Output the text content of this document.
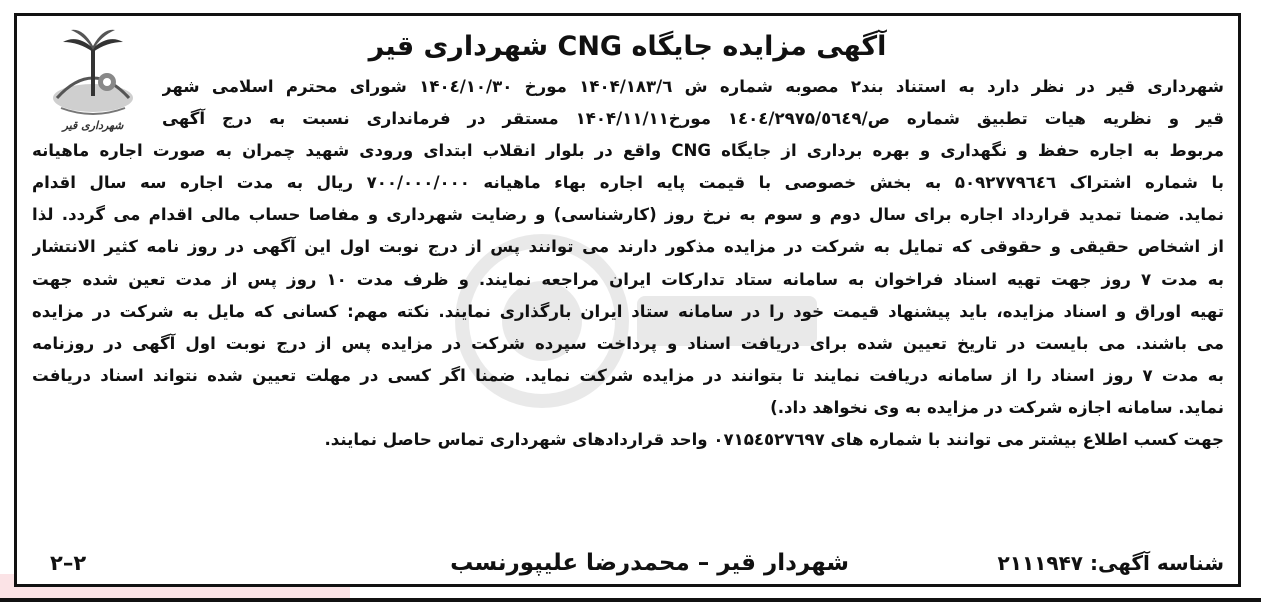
آگهی مزایده جایگاه CNG شهرداری قیر
شهرداری قیر
شهرداری قیر در نظر دارد به استناد بند۲ مصوبه شماره ش ۱۴۰۴/۱۸۳/٦ مورخ ۱۴۰٤/۱۰/۳۰ شورای محترم اسلامی شهر
قیر و نظریه هیات تطبیق شماره ص/۱٤۰٤/۲۹۷۵/٥٦٤۹ مورخ۱۴۰۴/۱۱/۱۱ مستقر در فرمانداری نسبت به درج آگهی
مربوط به اجاره حفظ و نگهداری و بهره برداری از جایگاه CNG واقع در بلوار انقلاب ابتدای ورودی شهید چمران به صورت اجاره ماهیانه
با شماره اشتراک ۵۰۹۲۷۷۹٦٤٦ به بخش خصوصی با قیمت پایه اجاره بهاء ماهیانه ۷۰۰/۰۰۰/۰۰۰ ریال به مدت اجاره سه سال اقدام
نماید. ضمنا تمدید قرارداد اجاره برای سال دوم و سوم به نرخ روز (کارشناسی) و رضایت شهرداری و مفاصا حساب مالی اقدام می گردد. لذا
از اشخاص حقیقی و حقوقی که تمایل به شرکت در مزایده مذکور دارند می توانند پس از درج نوبت اول این آگهی در روز نامه کثیر الانتشار
به مدت ۷ روز جهت تهیه اسناد فراخوان به سامانه ستاد تدارکات ایران مراجعه نمایند. و ظرف مدت ۱۰ روز پس از مدت تعین شده جهت
تهیه اوراق و اسناد مزایده، باید پیشنهاد قیمت خود را در سامانه ستاد ایران بارگذاری نمایند. نکته مهم: کسانی که مایل به شرکت در مزایده
می باشند. می بایست در تاریخ تعیین شده برای دریافت اسناد و پرداخت سپرده شرکت در مزایده پس از درج نوبت اول آگهی در روزنامه
به مدت ۷ روز اسناد را از سامانه دریافت نمایند تا بتوانند در مزایده شرکت نماید. ضمنا اگر کسی در مهلت تعیین شده نتواند اسناد دریافت
نماید. سامانه اجازه شرکت در مزایده به وی نخواهد داد.)
جهت کسب اطلاع بیشتر می توانند با شماره های ۰۷۱۵٤٥۲۷٦۹۷ واحد قراردادهای شهرداری تماس حاصل نمایند.
شناسه آگهی: ۲۱۱۱۹۴۷
شهردار قیر – محمدرضا علیپورنسب
۲–۲
